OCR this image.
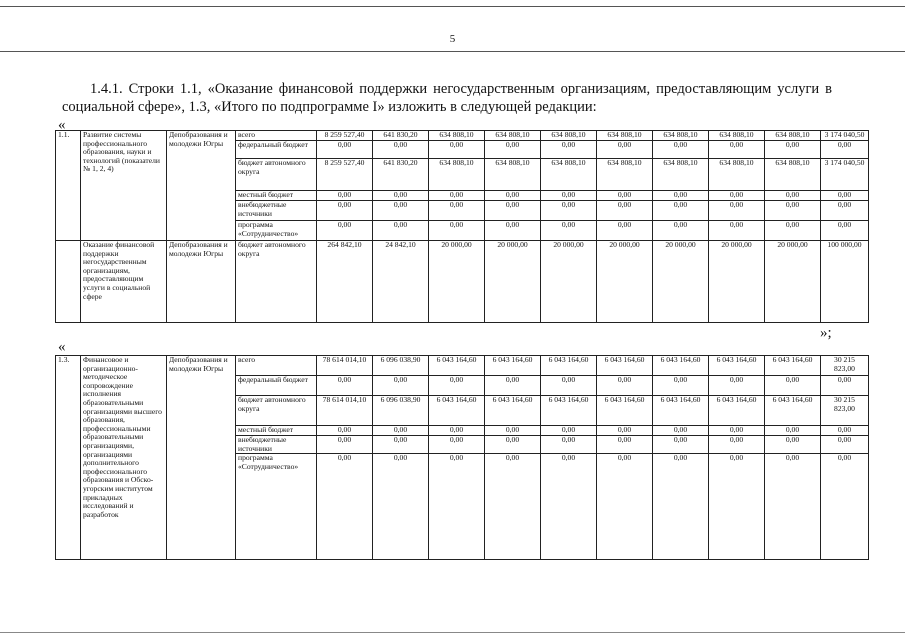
5
1.4.1. Строки 1.1, «Оказание финансовой поддержки негосударственным организациям, предоставляющим услуги в социальной сфере», 1.3, «Итого по подпрограмме I» изложить в следующей редакции:
«
1.1.	Развитие системы профессионального образования, науки и технологий (показатели № 1, 2, 4)	Депобразования и молодежи Югры	всего	8 259 527,40	641 830,20	634 808,10	634 808,10	634 808,10	634 808,10	634 808,10	634 808,10	634 808,10	3 174 040,50
			федеральный бюджет	0,00	0,00	0,00	0,00	0,00	0,00	0,00	0,00	0,00	0,00
			бюджет автономного округа	8 259 527,40	641 830,20	634 808,10	634 808,10	634 808,10	634 808,10	634 808,10	634 808,10	634 808,10	3 174 040,50
			местный бюджет	0,00	0,00	0,00	0,00	0,00	0,00	0,00	0,00	0,00	0,00
			внебюджетные источники	0,00	0,00	0,00	0,00	0,00	0,00	0,00	0,00	0,00	0,00
			программа «Сотрудничество»	0,00	0,00	0,00	0,00	0,00	0,00	0,00	0,00	0,00	0,00
	Оказание финансовой поддержки негосударственным организациям, предоставляющим услуги в социальной сфере	Депобразования и молодежи Югры	бюджет автономного округа	264 842,10	24 842,10	20 000,00	20 000,00	20 000,00	20 000,00	20 000,00	20 000,00	20 000,00	100 000,00
»;
«
1.3.	Финансовое и организационно-методическое сопровождение исполнения образовательными организациями высшего образования, профессиональными образовательными организациями, организациями дополнительного профессионального образования и Обско-угорским институтом прикладных исследований и разработок	Депобразования и молодежи Югры	всего	78 614 014,10	6 096 038,90	6 043 164,60	6 043 164,60	6 043 164,60	6 043 164,60	6 043 164,60	6 043 164,60	6 043 164,60	30 215 823,00
			федеральный бюджет	0,00	0,00	0,00	0,00	0,00	0,00	0,00	0,00	0,00	0,00
			бюджет автономного округа	78 614 014,10	6 096 038,90	6 043 164,60	6 043 164,60	6 043 164,60	6 043 164,60	6 043 164,60	6 043 164,60	6 043 164,60	30 215 823,00
			местный бюджет	0,00	0,00	0,00	0,00	0,00	0,00	0,00	0,00	0,00	0,00
			внебюджетные источники	0,00	0,00	0,00	0,00	0,00	0,00	0,00	0,00	0,00	0,00
			программа «Сотрудничество»	0,00	0,00	0,00	0,00	0,00	0,00	0,00	0,00	0,00	0,00
